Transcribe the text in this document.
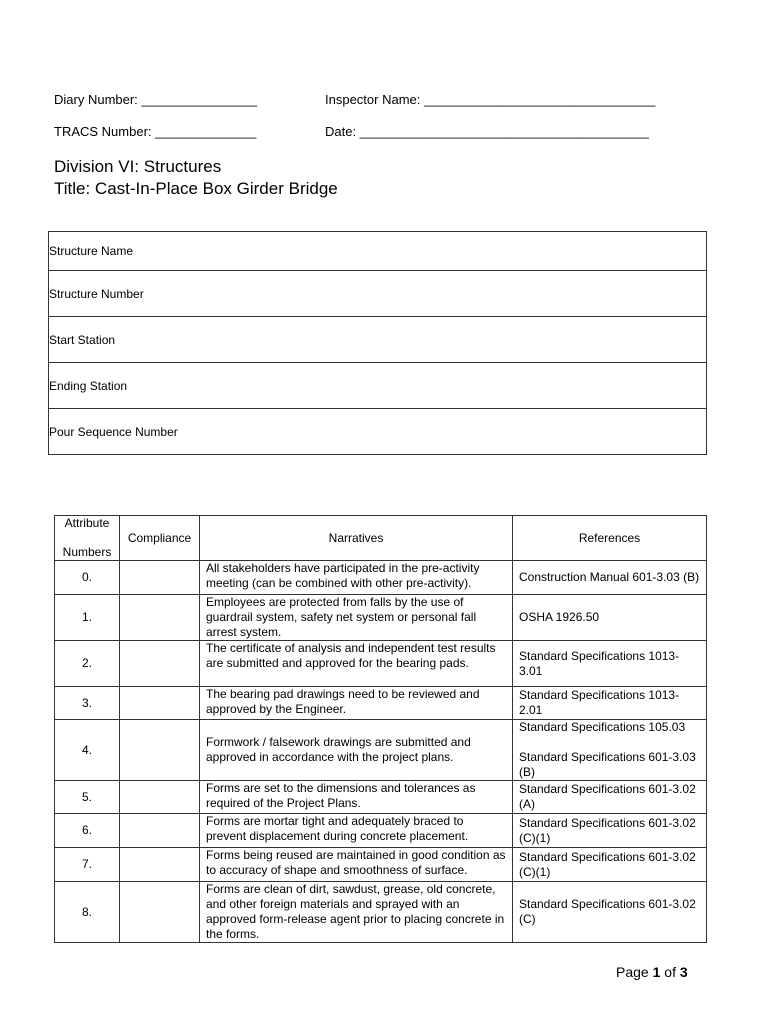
Diary Number: ________________	Inspector Name: ________________________________
TRACS Number: ______________	Date: ________________________________________
Division VI: Structures
Title: Cast-In-Place Box Girder Bridge
Structure Name
Structure Number
Start Station
Ending Station
Pour Sequence Number
Attribute
Numbers	Compliance	Narratives	References
0.		All stakeholders have participated in the pre-activity meeting (can be combined with other pre-activity).	Construction Manual 601-3.03 (B)
1.		Employees are protected from falls by the use of guardrail system, safety net system or personal fall arrest system.	OSHA 1926.50
2.		The certificate of analysis and independent test results are submitted and approved for the bearing pads.	Standard Specifications 1013-3.01
3.		The bearing pad drawings need to be reviewed and approved by the Engineer.	Standard Specifications 1013-2.01
4.		Formwork / falsework drawings are submitted and approved in accordance with the project plans.	Standard Specifications 105.03

Standard Specifications 601-3.03 (B)
5.		Forms are set to the dimensions and tolerances as required of the Project Plans.	Standard Specifications 601-3.02 (A)
6.		Forms are mortar tight and adequately braced to prevent displacement during concrete placement.	Standard Specifications 601-3.02 (C)(1)
7.		Forms being reused are maintained in good condition as to accuracy of shape and smoothness of surface.	Standard Specifications 601-3.02 (C)(1)
8.		Forms are clean of dirt, sawdust, grease, old concrete, and other foreign materials and sprayed with an approved form-release agent prior to placing concrete in the forms.	Standard Specifications 601-3.02 (C)
Page 1 of 3
